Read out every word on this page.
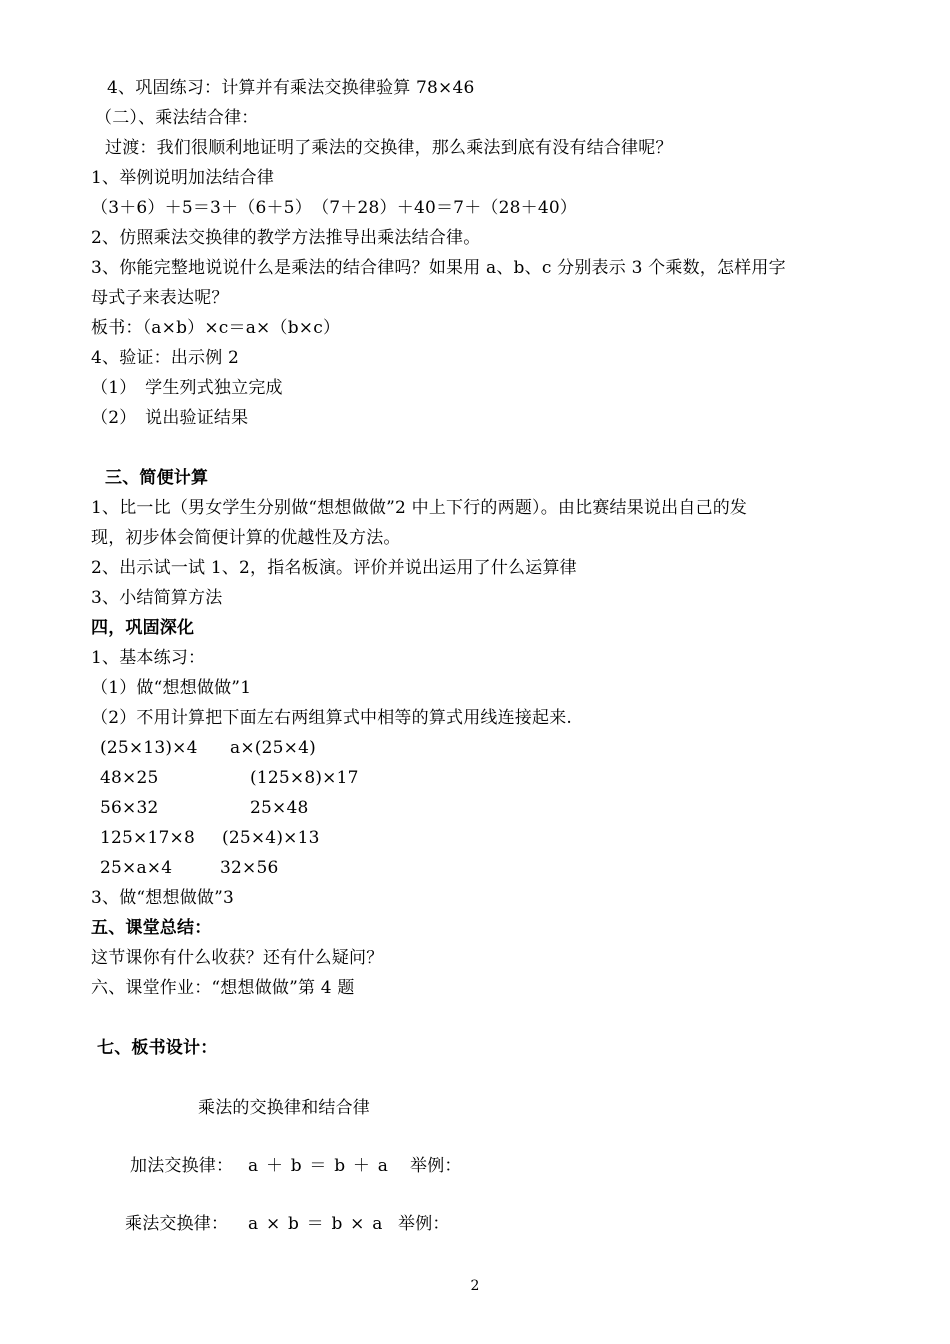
4、巩固练习：计算并有乘法交换律验算 78×46
（二）、乘法结合律：
过渡：我们很顺利地证明了乘法的交换律，那么乘法到底有没有结合律呢？
1、举例说明加法结合律
（3＋6）＋5＝3＋（6＋5）　（7＋28）＋40＝7＋（28＋40）
2、仿照乘法交换律的教学方法推导出乘法结合律。
3、你能完整地说说什么是乘法的结合律吗？如果用 a、b、c 分别表示 3 个乘数，怎样用字
母式子来表达呢？
板书：（a×b）×c＝a×（b×c）
4、验证：出示例 2
（1）　学生列式独立完成
（2）　说出验证结果
三、简便计算
1、比一比（男女学生分别做“想想做做”2 中上下行的两题）。由比赛结果说出自己的发
现，初步体会简便计算的优越性及方法。
2、出示试一试 1、2，指名板演。评价并说出运用了什么运算律
3、小结简算方法
四，巩固深化
1、基本练习：
（1）做“想想做做”1
（2）不用计算把下面左右两组算式中相等的算式用线连接起来.
(25×13)×4 a×(25×4)
48×25	(125×8)×17
56×32	25×48
125×17×8 (25×4)×13
25×a×4	32×56
3、做“想想做做”3
五、课堂总结：
这节课你有什么收获？还有什么疑问？
六、课堂作业：“想想做做”第 4 题
七、板书设计：
乘法的交换律和结合律
加法交换律： a ＋ b ＝ b ＋ a 举例：
乘法交换律： a × b ＝ b × a 举例：
2
